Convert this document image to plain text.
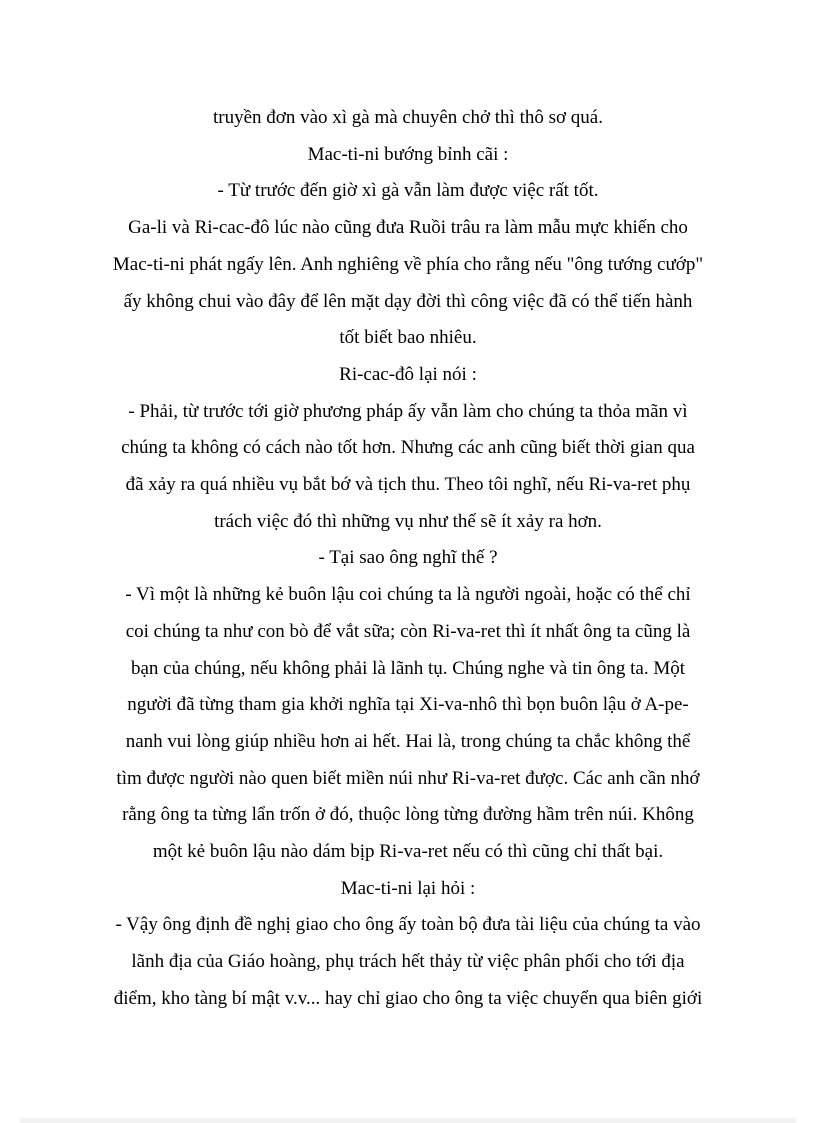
truyền đơn vào xì gà mà chuyên chở thì thô sơ quá.

Mac-ti-ni bướng bỉnh cãi :

- Từ trước đến giờ xì gà vẫn làm được việc rất tốt.

Ga-li và Ri-cac-đô lúc nào cũng đưa Ruồi trâu ra làm mẫu mực khiến cho

Mac-ti-ni phát ngấy lên. Anh nghiêng về phía cho rằng nếu "ông tướng cướp"

ấy không chui vào đây để lên mặt dạy đời thì công việc đã có thể tiến hành

tốt biết bao nhiêu.

Ri-cac-đô lại nói :

- Phải, từ trước tới giờ phương pháp ấy vẫn làm cho chúng ta thỏa mãn vì

chúng ta không có cách nào tốt hơn. Nhưng các anh cũng biết thời gian qua

đã xảy ra quá nhiều vụ bắt bớ và tịch thu. Theo tôi nghĩ, nếu Ri-va-ret phụ

trách việc đó thì những vụ như thế sẽ ít xảy ra hơn.

- Tại sao ông nghĩ thế ?

- Vì một là những kẻ buôn lậu coi chúng ta là người ngoài, hoặc có thể chỉ

coi chúng ta như con bò để vắt sữa; còn Ri-va-ret thì ít nhất ông ta cũng là

bạn của chúng, nếu không phải là lãnh tụ. Chúng nghe và tin ông ta. Một

người đã từng tham gia khởi nghĩa tại Xi-va-nhô thì bọn buôn lậu ở A-pe-

nanh vui lòng giúp nhiều hơn ai hết. Hai là, trong chúng ta chắc không thể

tìm được người nào quen biết miền núi như Ri-va-ret được. Các anh cần nhớ

rằng ông ta từng lẩn trốn ở đó, thuộc lòng từng đường hầm trên núi. Không

một kẻ buôn lậu nào dám bịp Ri-va-ret nếu có thì cũng chỉ thất bại.

Mac-ti-ni lại hỏi :

- Vậy ông định đề nghị giao cho ông ấy toàn bộ đưa tài liệu của chúng ta vào

lãnh địa của Giáo hoàng, phụ trách hết thảy từ việc phân phối cho tới địa

điểm, kho tàng bí mật v.v... hay chỉ giao cho ông ta việc chuyển qua biên giới
